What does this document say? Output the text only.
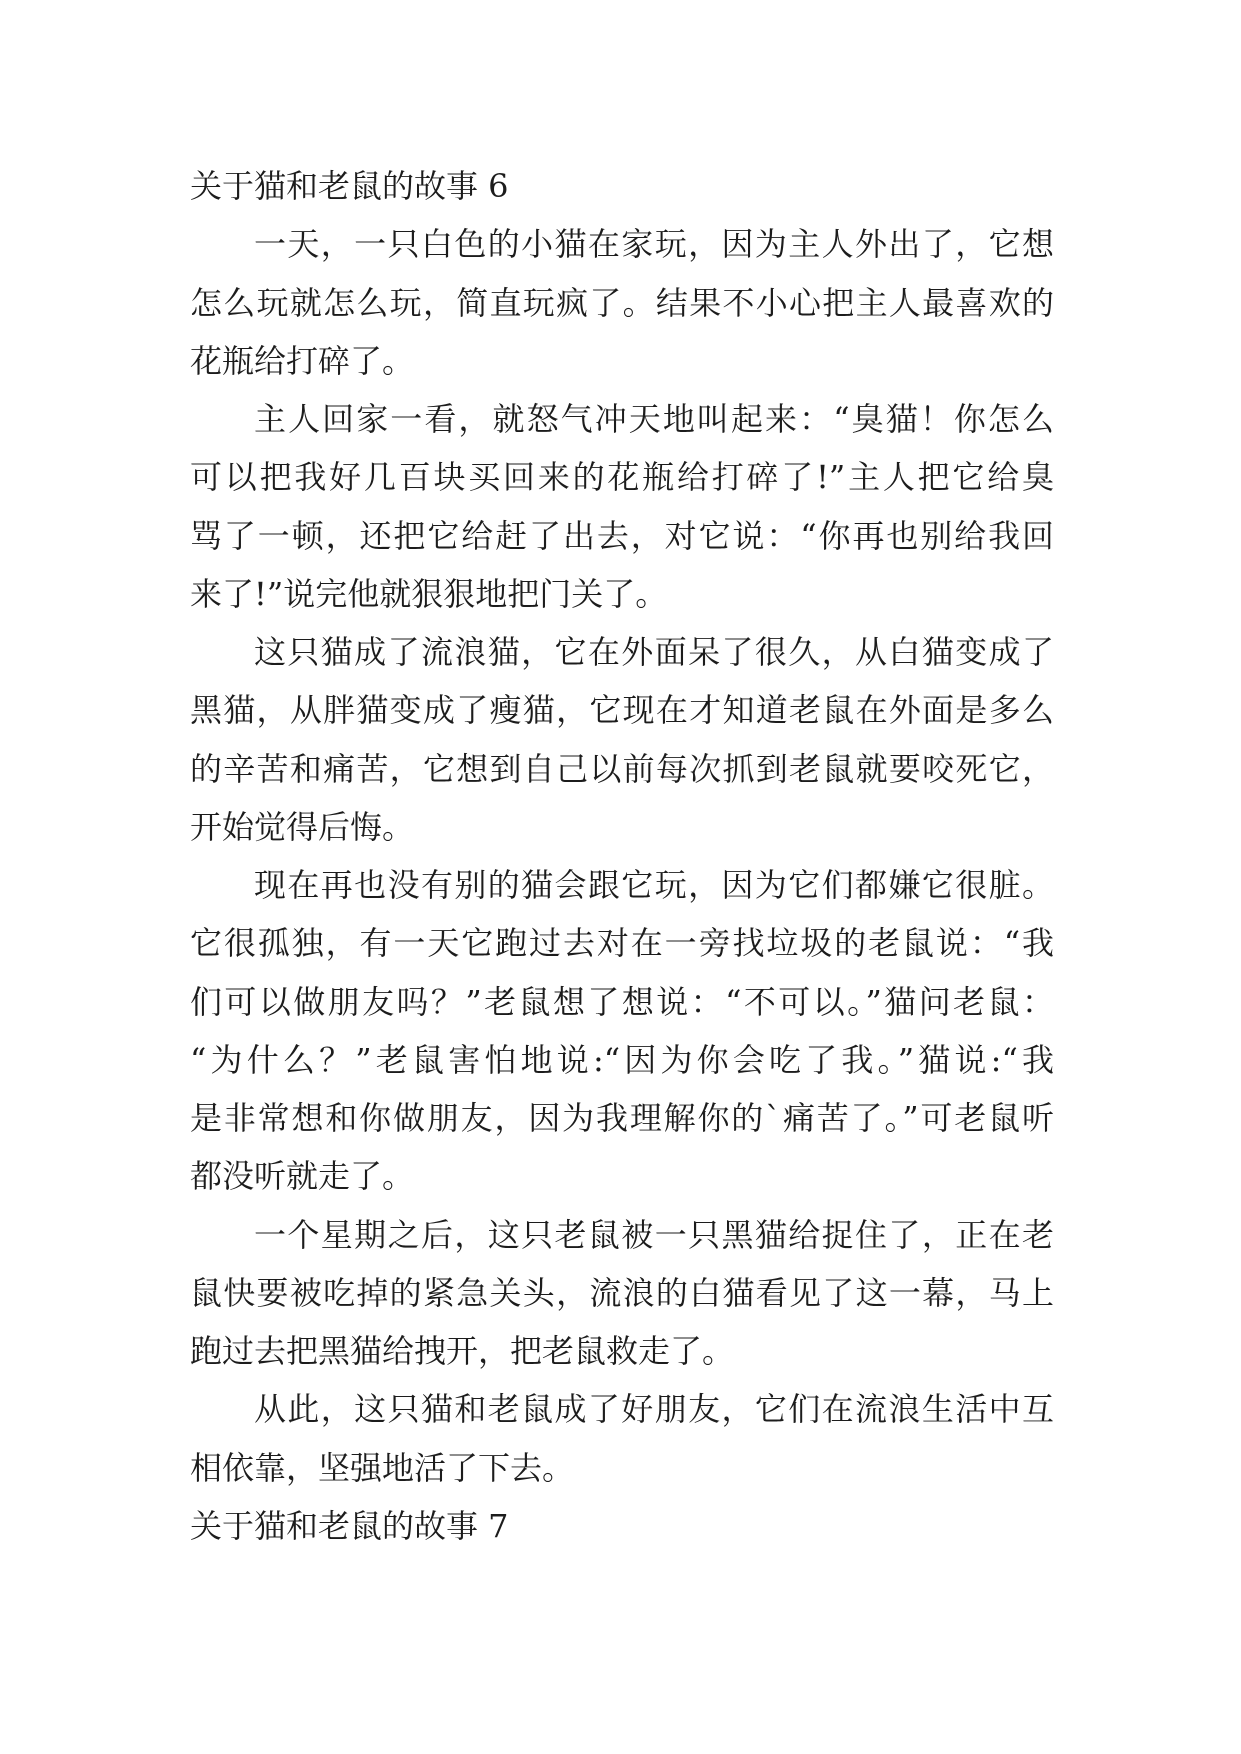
关于猫和老鼠的故事 6
一天，一只白色的小猫在家玩，因为主人外出了，它想
怎么玩就怎么玩，简直玩疯了。结果不小心把主人最喜欢的
花瓶给打碎了。
主人回家一看，就怒气冲天地叫起来：“臭猫！你怎么
可以把我好几百块买回来的花瓶给打碎了!”主人把它给臭
骂了一顿，还把它给赶了出去，对它说：“你再也别给我回
来了!”说完他就狠狠地把门关了。
这只猫成了流浪猫，它在外面呆了很久，从白猫变成了
黑猫，从胖猫变成了瘦猫，它现在才知道老鼠在外面是多么
的辛苦和痛苦，它想到自己以前每次抓到老鼠就要咬死它，
开始觉得后悔。
现在再也没有别的猫会跟它玩，因为它们都嫌它很脏。
它很孤独，有一天它跑过去对在一旁找垃圾的老鼠说：“我
们可以做朋友吗？”老鼠想了想说：“不可以。”猫问老鼠：
“为什么？”老鼠害怕地说:“因为你会吃了我。”猫说:“我
是非常想和你做朋友，因为我理解你的`痛苦了。”可老鼠听
都没听就走了。
一个星期之后，这只老鼠被一只黑猫给捉住了，正在老
鼠快要被吃掉的紧急关头，流浪的白猫看见了这一幕，马上
跑过去把黑猫给拽开，把老鼠救走了。
从此，这只猫和老鼠成了好朋友，它们在流浪生活中互
相依靠，坚强地活了下去。
关于猫和老鼠的故事 7
